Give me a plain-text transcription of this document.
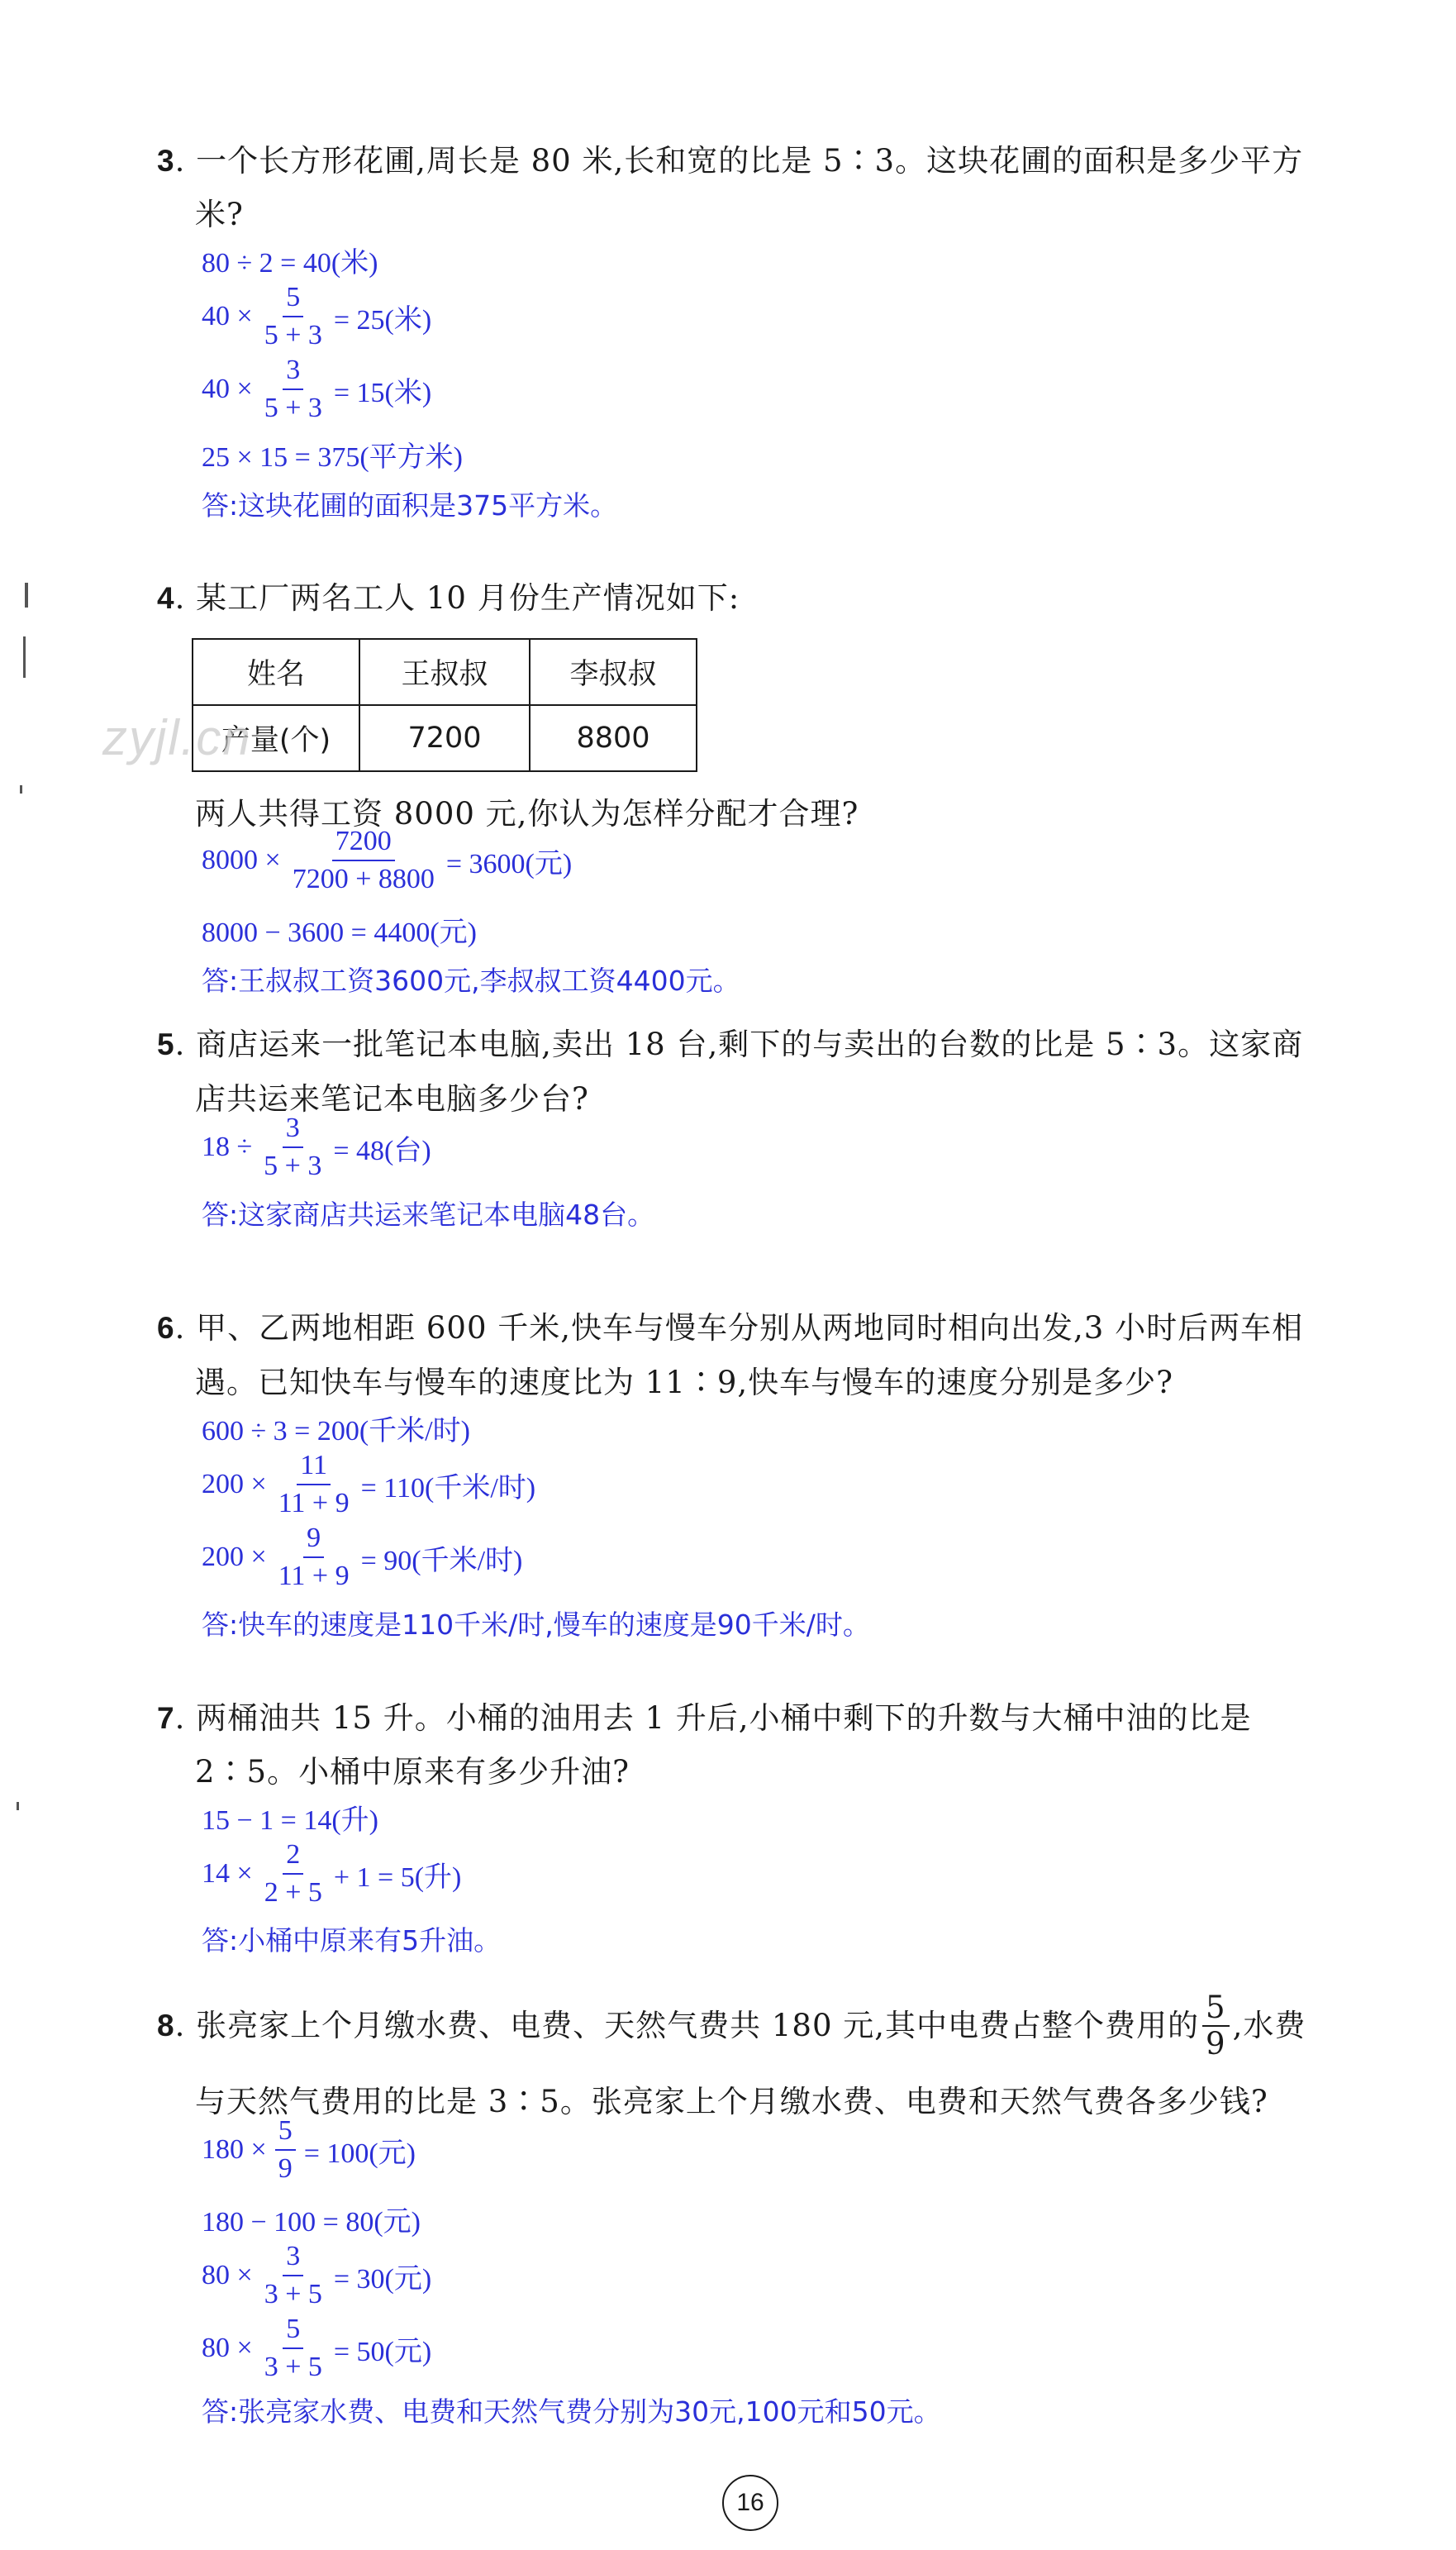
3. 一个长方形花圃,周长是 80 米,长和宽的比是 5∶3。这块花圃的面积是多少平方
米?
80 ÷ 2 = 40(米)
$40 \times \frac{5}{5 + 3} = 25$(米)
$40 \times \frac{3}{5 + 3} = 15$(米)
25 × 15 = 375(平方米)
答:这块花圃的面积是375平方米。
4. 某工厂两名工人 10 月份生产情况如下:
姓名	王叔叔	李叔叔
产量(个)	7200	8800
zyjl.cn
两人共得工资 8000 元,你认为怎样分配才合理?
$8000 \times \frac{7200}{7200 + 8800} = 3600$(元)
8000 − 3600 = 4400(元)
答:王叔叔工资3600元,李叔叔工资4400元。
5. 商店运来一批笔记本电脑,卖出 18 台,剩下的与卖出的台数的比是 5∶3。这家商
店共运来笔记本电脑多少台?
$18 \div \frac{3}{5 + 3} = 48$(台)
答:这家商店共运来笔记本电脑48台。
6. 甲、乙两地相距 600 千米,快车与慢车分别从两地同时相向出发,3 小时后两车相
遇。已知快车与慢车的速度比为 11∶9,快车与慢车的速度分别是多少?
600 ÷ 3 = 200(千米/时)
$200 \times \frac{11}{11 + 9} = 110$(千米/时)
$200 \times \frac{9}{11 + 9} = 90$(千米/时)
答:快车的速度是110千米/时,慢车的速度是90千米/时。
7. 两桶油共 15 升。小桶的油用去 1 升后,小桶中剩下的升数与大桶中油的比是
2∶5。小桶中原来有多少升油?
15 − 1 = 14(升)
$14 \times \frac{2}{2 + 5} + 1 = 5$(升)
答:小桶中原来有5升油。
8 . 张亮家上个月缴水费、电费、天然气费共 180 元,其中电费占整个费用的 $\frac{5}{9}$ ,水费
与天然气费用的比是 3∶5。张亮家上个月缴水费、电费和天然气费各多少钱?
$180 \times \frac{5}{9} = 100$(元)
180 − 100 = 80(元)
$80 \times \frac{3}{3 + 5} = 30$(元)
$80 \times \frac{5}{3 + 5} = 50$(元)
答:张亮家水费、电费和天然气费分别为30元,100元和50元。
16
